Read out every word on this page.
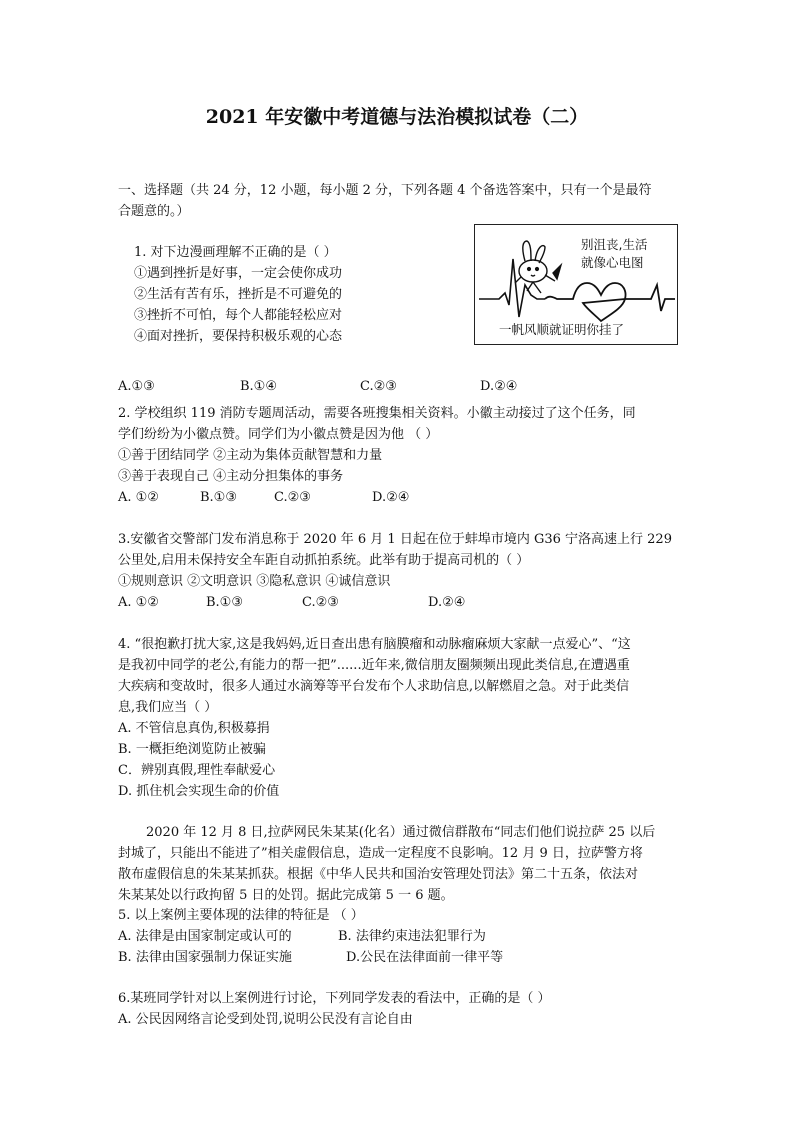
2021 年安徽中考道德与法治模拟试卷（二）
一、选择题（共 24 分，12 小题，每小题 2 分，下列各题 4 个备选答案中，只有一个是最符
合题意的。）
1. 对下边漫画理解不正确的是（ ）
①遇到挫折是好事，一定会使你成功
②生活有苦有乐，挫折是不可避免的
③挫折不可怕，每个人都能轻松应对
④面对挫折，要保持积极乐观的心态
别沮丧,生活
就像心电图
一帆风顺就证明你挂了
A.①③	B.①④	C.②③	D.②④
2. 学校组织 119 消防专题周活动，需要各班搜集相关资料。小徽主动接过了这个任务，同
学们纷纷为小徽点赞。同学们为小徽点赞是因为他 （ ）
①善于团结同学 ②主动为集体贡献智慧和力量
③善于表现自己 ④主动分担集体的事务
A. ①②	B.①③	C.②③	D.②④
3.安徽省交警部门发布消息称于 2020 年 6 月 1 日起在位于蚌埠市境内 G36 宁洛高速上行 229
公里处,启用未保持安全车距自动抓拍系统。此举有助于提高司机的（ ）
①规则意识 ②文明意识 ③隐私意识 ④诚信意识
A. ①②	B.①③	C.②③	D.②④
4. “很抱歉打扰大家,这是我妈妈,近日查出患有脑膜瘤和动脉瘤麻烦大家献一点爱心”、“这
是我初中同学的老公,有能力的帮一把”......近年来,微信朋友圈频频出现此类信息,在遭遇重
大疾病和变故时，很多人通过水滴筹等平台发布个人求助信息,以解燃眉之急。对于此类信
息,我们应当（ ）
A. 不管信息真伪,积极募捐
B. 一概拒绝浏览防止被骗
C．辨别真假,理性奉献爱心
D. 抓住机会实现生命的价值
2020 年 12 月 8 日,拉萨网民朱某某(化名）通过微信群散布“同志们他们说拉萨 25 以后
封城了，只能出不能进了”相关虚假信息，造成一定程度不良影响。12 月 9 日，拉萨警方将
散布虚假信息的朱某某抓获。根据《中华人民共和国治安管理处罚法》第二十五条，依法对
朱某某处以行政拘留 5 日的处罚。据此完成第 5 一 6 题。
5. 以上案例主要体现的法律的特征是 （ ）
A. 法律是由国家制定或认可的	B. 法律约束违法犯罪行为
B. 法律由国家强制力保证实施	D.公民在法律面前一律平等
6.某班同学针对以上案例进行讨论，下列同学发表的看法中，正确的是（ ）
A. 公民因网络言论受到处罚,说明公民没有言论自由
